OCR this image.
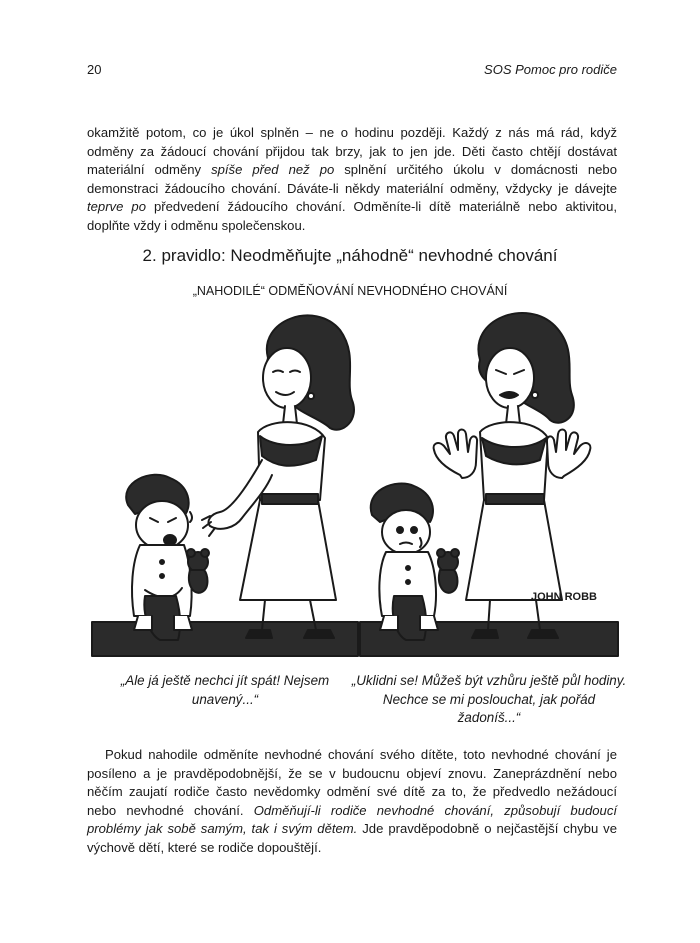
20	SOS Pomoc pro rodiče

okamžitě potom, co je úkol splněn – ne o hodinu později. Každý z nás má rád, když odměny za žádoucí chování přijdou tak brzy, jak to jen jde. Děti často chtějí dostávat materiální odměny spíše před než po splnění určitého úkolu v domácnosti nebo demonstraci žádoucího chování. Dáváte-li někdy materiální odměny, vždycky je dávejte teprve po předvedení žádoucího chování. Odměníte-li dítě materiálně nebo aktivitou, doplňte vždy i odměnu společenskou.

2. pravidlo: Neodměňujte „náhodně“ nevhodné chování

„NAHODILÉ“ ODMĚŇOVÁNÍ NEVHODNÉHO CHOVÁNÍ

JOHN ROBB

„Ale já ještě nechci jít spát! Nejsem unavený...“

„Uklidni se! Můžeš být vzhůru ještě půl hodiny. Nechce se mi poslouchat, jak pořád žadoníš...“

Pokud nahodile odměníte nevhodné chování svého dítěte, toto nevhodné chování je posíleno a je pravděpodobnější, že se v budoucnu objeví znovu. Zaneprázdnění nebo něčím zaujatí rodiče často nevědomky odmění své dítě za to, že předvedlo nežádoucí nebo nevhodné chování. Odměňují-li rodiče nevhodné chování, způsobují budoucí problémy jak sobě samým, tak i svým dětem. Jde pravděpodobně o nejčastější chybu ve výchově dětí, které se rodiče dopouštějí.
